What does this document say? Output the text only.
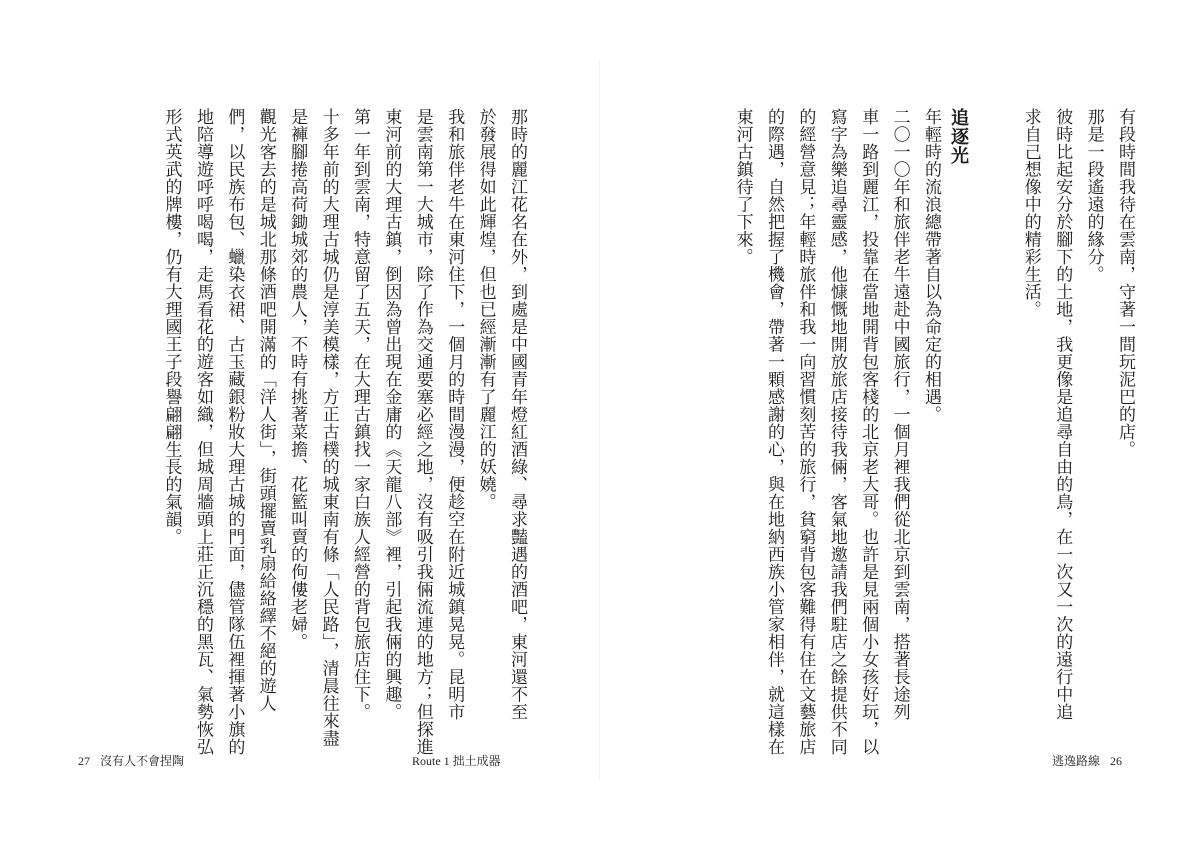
有段時間我待在雲南，守著一間玩泥巴的店。

那是一段遙遠的緣分。

彼時比起安分於腳下的土地，我更像是追尋自由的鳥，在一次又一次的遠行中追

求自己想像中的精彩生活。

追逐光

年輕時的流浪總帶著自以為命定的相遇。

二〇一〇年和旅伴老牛遠赴中國旅行，一個月裡我們從北京到雲南，搭著長途列

車一路到麗江，投靠在當地開背包客棧的北京老大哥。也許是見兩個小女孩好玩，以

寫字為樂追尋靈感，他慷慨地開放旅店接待我倆，客氣地邀請我們駐店之餘提供不同

的經營意見；年輕時旅伴和我一向習慣刻苦的旅行，貧窮背包客難得有住在文藝旅店

的際遇，自然把握了機會，帶著一顆感謝的心，與在地納西族小管家相伴，就這樣在

東河古鎮待了下來。

那時的麗江花名在外，到處是中國青年燈紅酒綠、尋求豔遇的酒吧，東河還不至

於發展得如此輝煌，但也已經漸漸有了麗江的妖嬈。

我和旅伴老牛在東河住下，一個月的時間漫漫，便趁空在附近城鎮晃晃。昆明市

是雲南第一大城市，除了作為交通要塞必經之地，沒有吸引我倆流連的地方；但探進

東河前的大理古鎮，倒因為曾出現在金庸的《天龍八部》裡，引起我倆的興趣。

第一年到雲南，特意留了五天，在大理古鎮找一家白族人經營的背包旅店住下。

十多年前的大理古城仍是淳美模樣，方正古樸的城東南有條「人民路」，清晨往來盡

是褲腳捲高荷鋤城郊的農人，不時有挑著菜擔、花籃叫賣的佝僂老婦。

觀光客去的是城北那條酒吧開滿的「洋人街」，街頭擺賣乳扇給絡繹不絕的遊人

們，以民族布包、蠟染衣裙、古玉藏銀粉妝大理古城的門面，儘管隊伍裡揮著小旗的

地陪導遊呼呼喝喝，走馬看花的遊客如織，但城周牆頭上莊正沉穩的黑瓦、氣勢恢弘

形式英武的牌樓，仍有大理國王子段譽翩翩生長的氣韻。

27 沒有人不會捏陶	Route 1 拙土成器	逃逸路線 26
